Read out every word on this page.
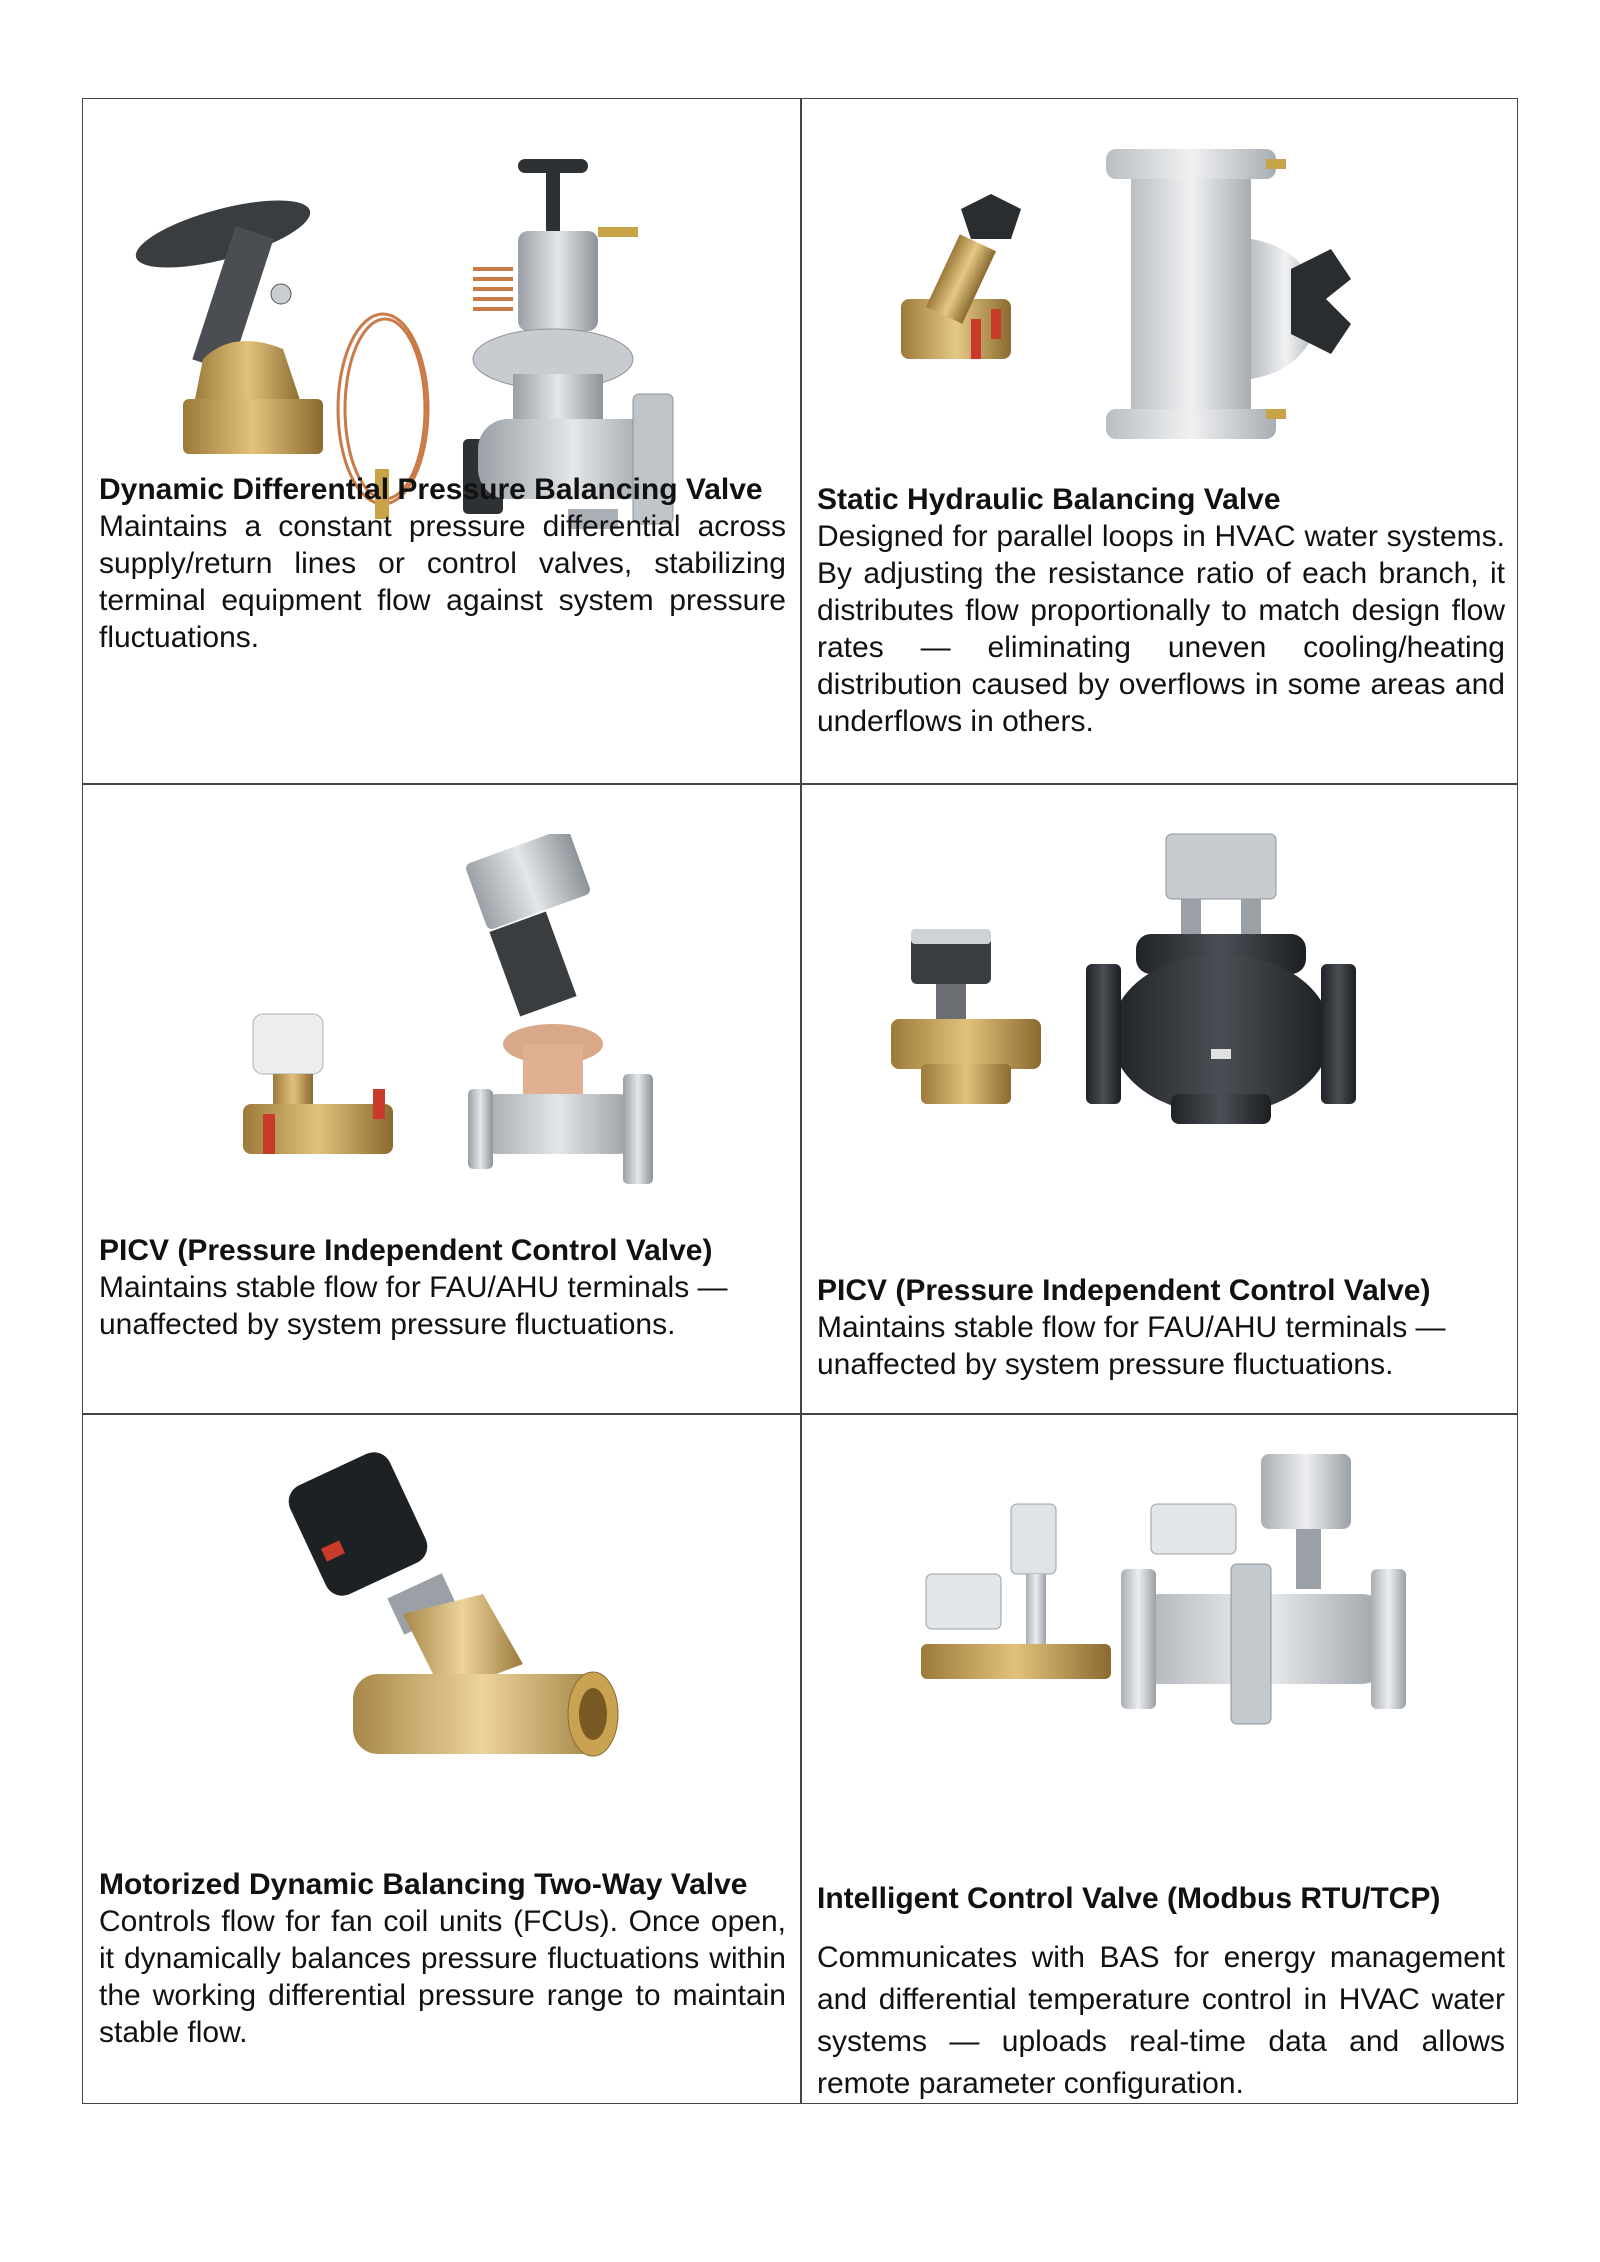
Dynamic Differential Pressure Balancing Valve

Maintains a constant pressure differential across supply/return lines or control valves, stabilizing terminal equipment flow against system pressure fluctuations.

Static Hydraulic Balancing Valve

Designed for parallel loops in HVAC water systems. By adjusting the resistance ratio of each branch, it distributes flow proportionally to match design flow rates — eliminating uneven cooling/heating distribution caused by overflows in some areas and underflows in others.

PICV (Pressure Independent Control Valve)

Maintains stable flow for FAU/AHU terminals — unaffected by system pressure fluctuations.

PICV (Pressure Independent Control Valve)

Maintains stable flow for FAU/AHU terminals — unaffected by system pressure fluctuations.

Motorized Dynamic Balancing Two-Way Valve

Controls flow for fan coil units (FCUs). Once open, it dynamically balances pressure fluctuations within the working differential pressure range to maintain stable flow.

Intelligent Control Valve (Modbus RTU/TCP)

Communicates with BAS for energy management and differential temperature control in HVAC water systems — uploads real-time data and allows remote parameter configuration.
